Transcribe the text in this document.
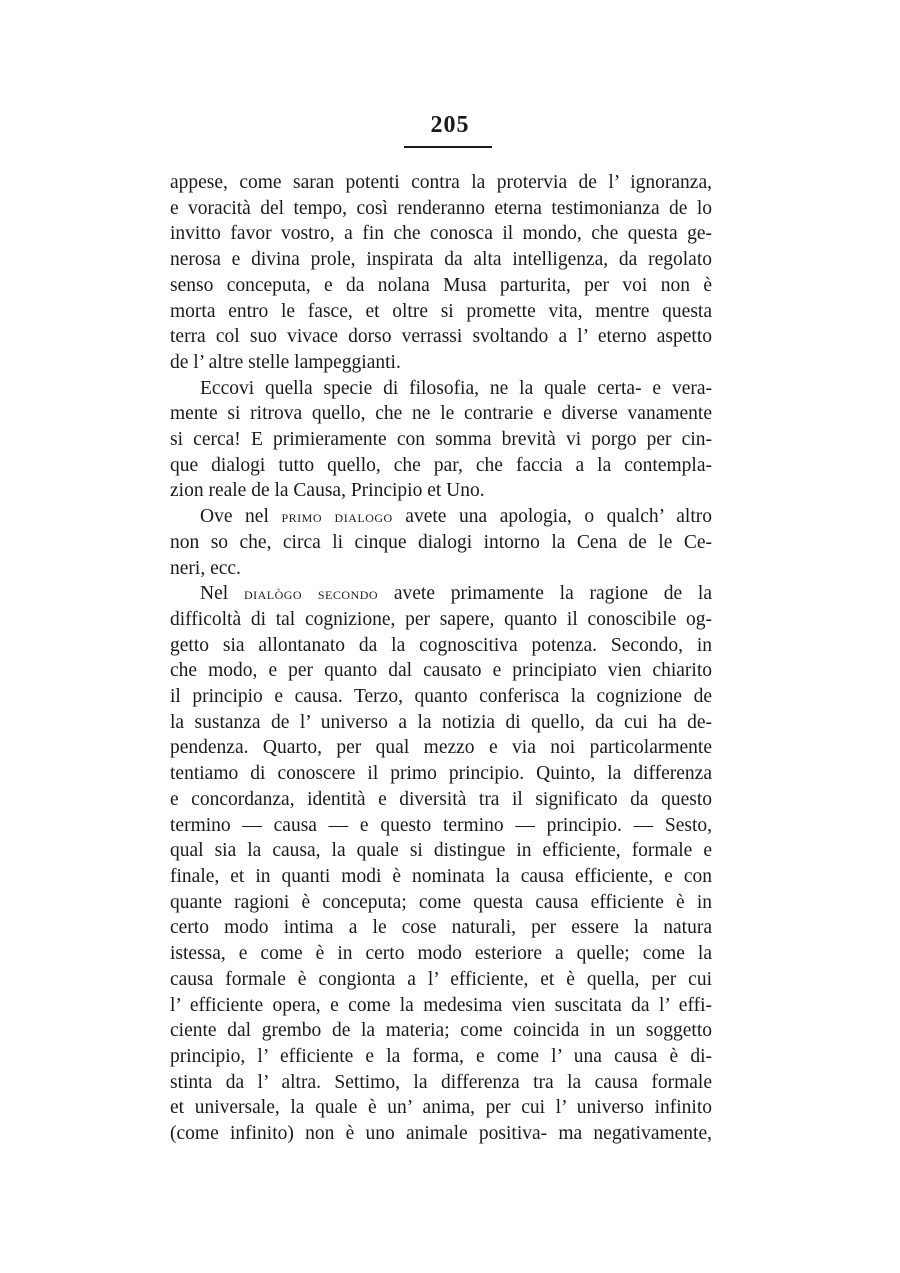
205
appese, come saran potenti contra la protervia de l’ ignoranza,
e voracità del tempo, così renderanno eterna testimonianza de lo
invitto favor vostro, a fin che conosca il mondo, che questa ge-
nerosa e divina prole, inspirata da alta intelligenza, da regolato
senso conceputa, e da nolana Musa parturita, per voi non è
morta entro le fasce, et oltre si promette vita, mentre questa
terra col suo vivace dorso verrassi svoltando a l’ eterno aspetto
de l’ altre stelle lampeggianti.
Eccovi quella specie di filosofia, ne la quale certa- e vera-
mente si ritrova quello, che ne le contrarie e diverse vanamente
si cerca! E primieramente con somma brevità vi porgo per cin-
que dialogi tutto quello, che par, che faccia a la contempla-
zion reale de la Causa, Principio et Uno.
Ove nel primo dialogo avete una apologia, o qualch’ altro
non so che, circa li cinque dialogi intorno la Cena de le Ce-
neri, ecc.
Nel dialògo secondo avete primamente la ragione de la
difficoltà di tal cognizione, per sapere, quanto il conoscibile og-
getto sia allontanato da la cognoscitiva potenza. Secondo, in
che modo, e per quanto dal causato e principiato vien chiarito
il principio e causa. Terzo, quanto conferisca la cognizione de
la sustanza de l’ universo a la notizia di quello, da cui ha de-
pendenza. Quarto, per qual mezzo e via noi particolarmente
tentiamo di conoscere il primo principio. Quinto, la differenza
e concordanza, identità e diversità tra il significato da questo
termino — causa — e questo termino — principio. — Sesto,
qual sia la causa, la quale si distingue in efficiente, formale e
finale, et in quanti modi è nominata la causa efficiente, e con
quante ragioni è conceputa; come questa causa efficiente è in
certo modo intima a le cose naturali, per essere la natura
istessa, e come è in certo modo esteriore a quelle; come la
causa formale è congionta a l’ efficiente, et è quella, per cui
l’ efficiente opera, e come la medesima vien suscitata da l’ effi-
ciente dal grembo de la materia; come coincida in un soggetto
principio, l’ efficiente e la forma, e come l’ una causa è di-
stinta da l’ altra. Settimo, la differenza tra la causa formale
et universale, la quale è un’ anima, per cui l’ universo infinito
(come infinito) non è uno animale positiva- ma negativamente,
